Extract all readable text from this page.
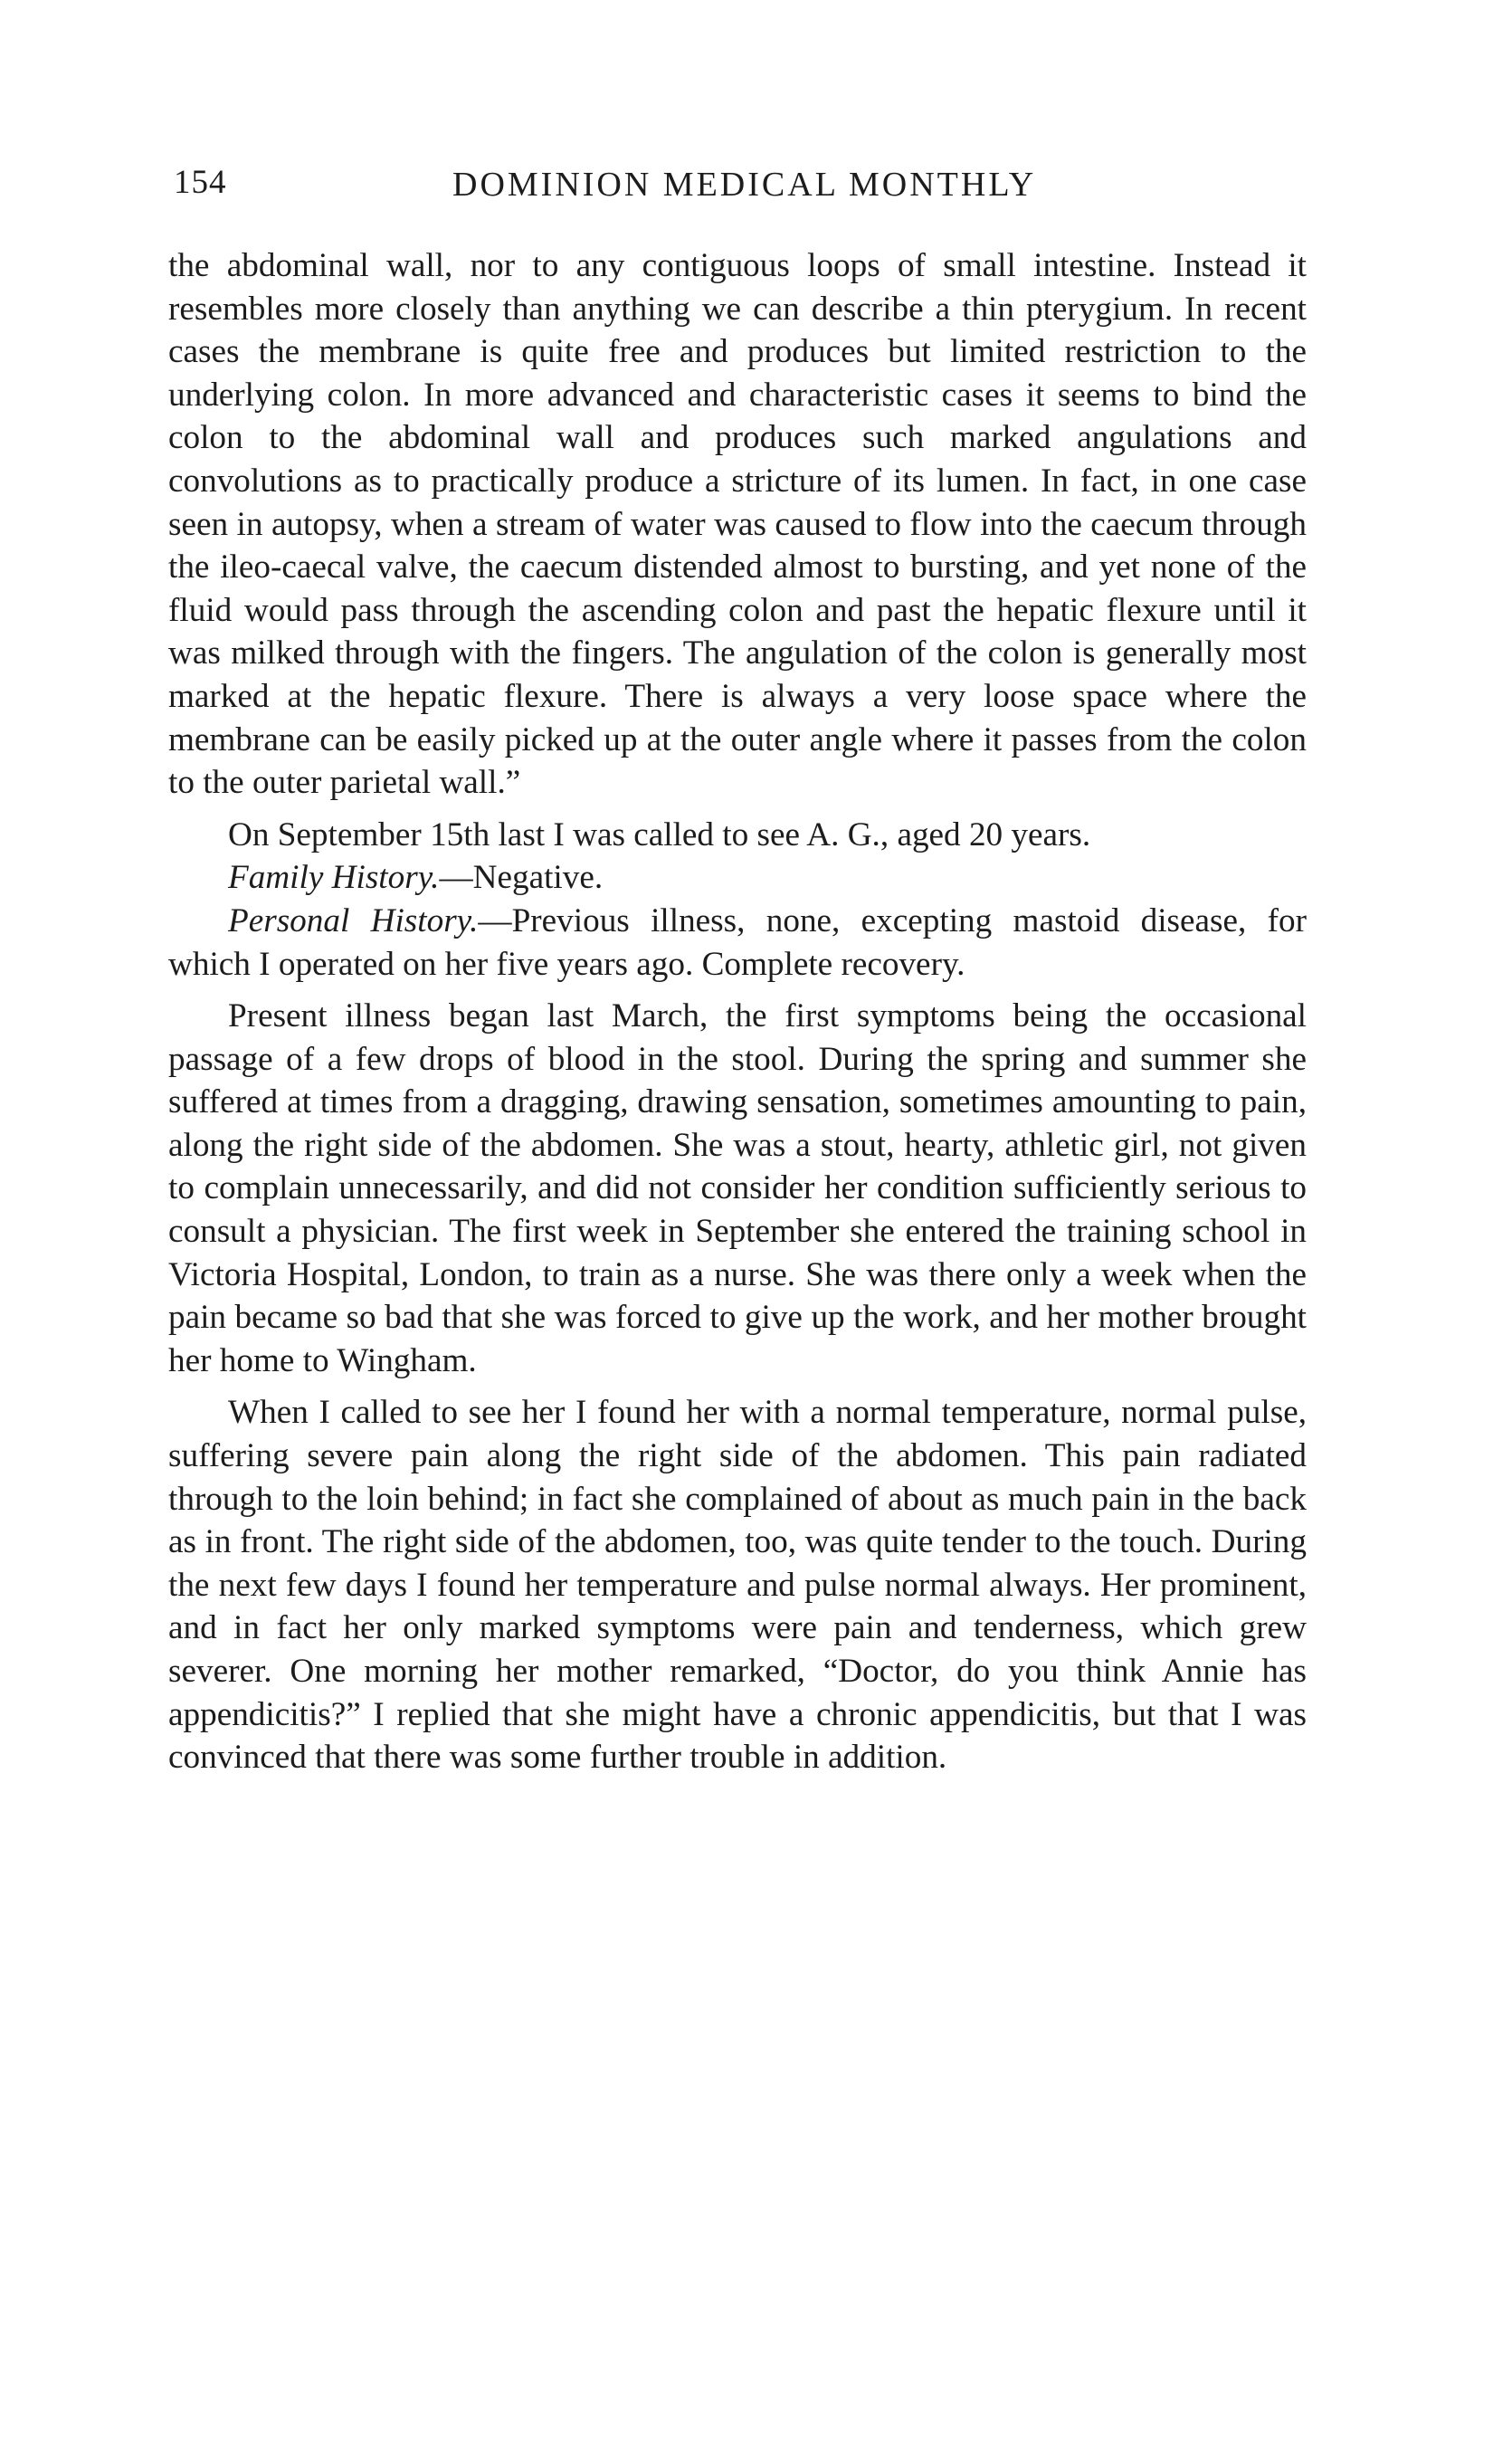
154	DOMINION MEDICAL MONTHLY

the abdominal wall, nor to any contiguous loops of small intestine. Instead it resembles more closely than anything we can describe a thin pterygium. In recent cases the membrane is quite free and produces but limited restriction to the underlying colon. In more advanced and characteristic cases it seems to bind the colon to the abdominal wall and produces such marked angulations and convolutions as to practically produce a stricture of its lumen. In fact, in one case seen in autopsy, when a stream of water was caused to flow into the caecum through the ileo-caecal valve, the caecum distended almost to bursting, and yet none of the fluid would pass through the ascending colon and past the hepatic flexure until it was milked through with the fingers. The angulation of the colon is generally most marked at the hepatic flexure. There is always a very loose space where the membrane can be easily picked up at the outer angle where it passes from the colon to the outer parietal wall.”

On September 15th last I was called to see A. G., aged 20 years.

Family History.—Negative.

Personal History.—Previous illness, none, excepting mastoid disease, for which I operated on her five years ago. Complete recovery.

Present illness began last March, the first symptoms being the occasional passage of a few drops of blood in the stool. During the spring and summer she suffered at times from a dragging, drawing sensation, sometimes amounting to pain, along the right side of the abdomen. She was a stout, hearty, athletic girl, not given to complain unnecessarily, and did not consider her condition sufficiently serious to consult a physician. The first week in September she entered the training school in Victoria Hospital, London, to train as a nurse. She was there only a week when the pain became so bad that she was forced to give up the work, and her mother brought her home to Wingham.

When I called to see her I found her with a normal temperature, normal pulse, suffering severe pain along the right side of the abdomen. This pain radiated through to the loin behind; in fact she complained of about as much pain in the back as in front. The right side of the abdomen, too, was quite tender to the touch. During the next few days I found her temperature and pulse normal always. Her prominent, and in fact her only marked symptoms were pain and tenderness, which grew severer. One morning her mother remarked, “Doctor, do you think Annie has appendicitis?” I replied that she might have a chronic appendicitis, but that I was convinced that there was some further trouble in addition.
